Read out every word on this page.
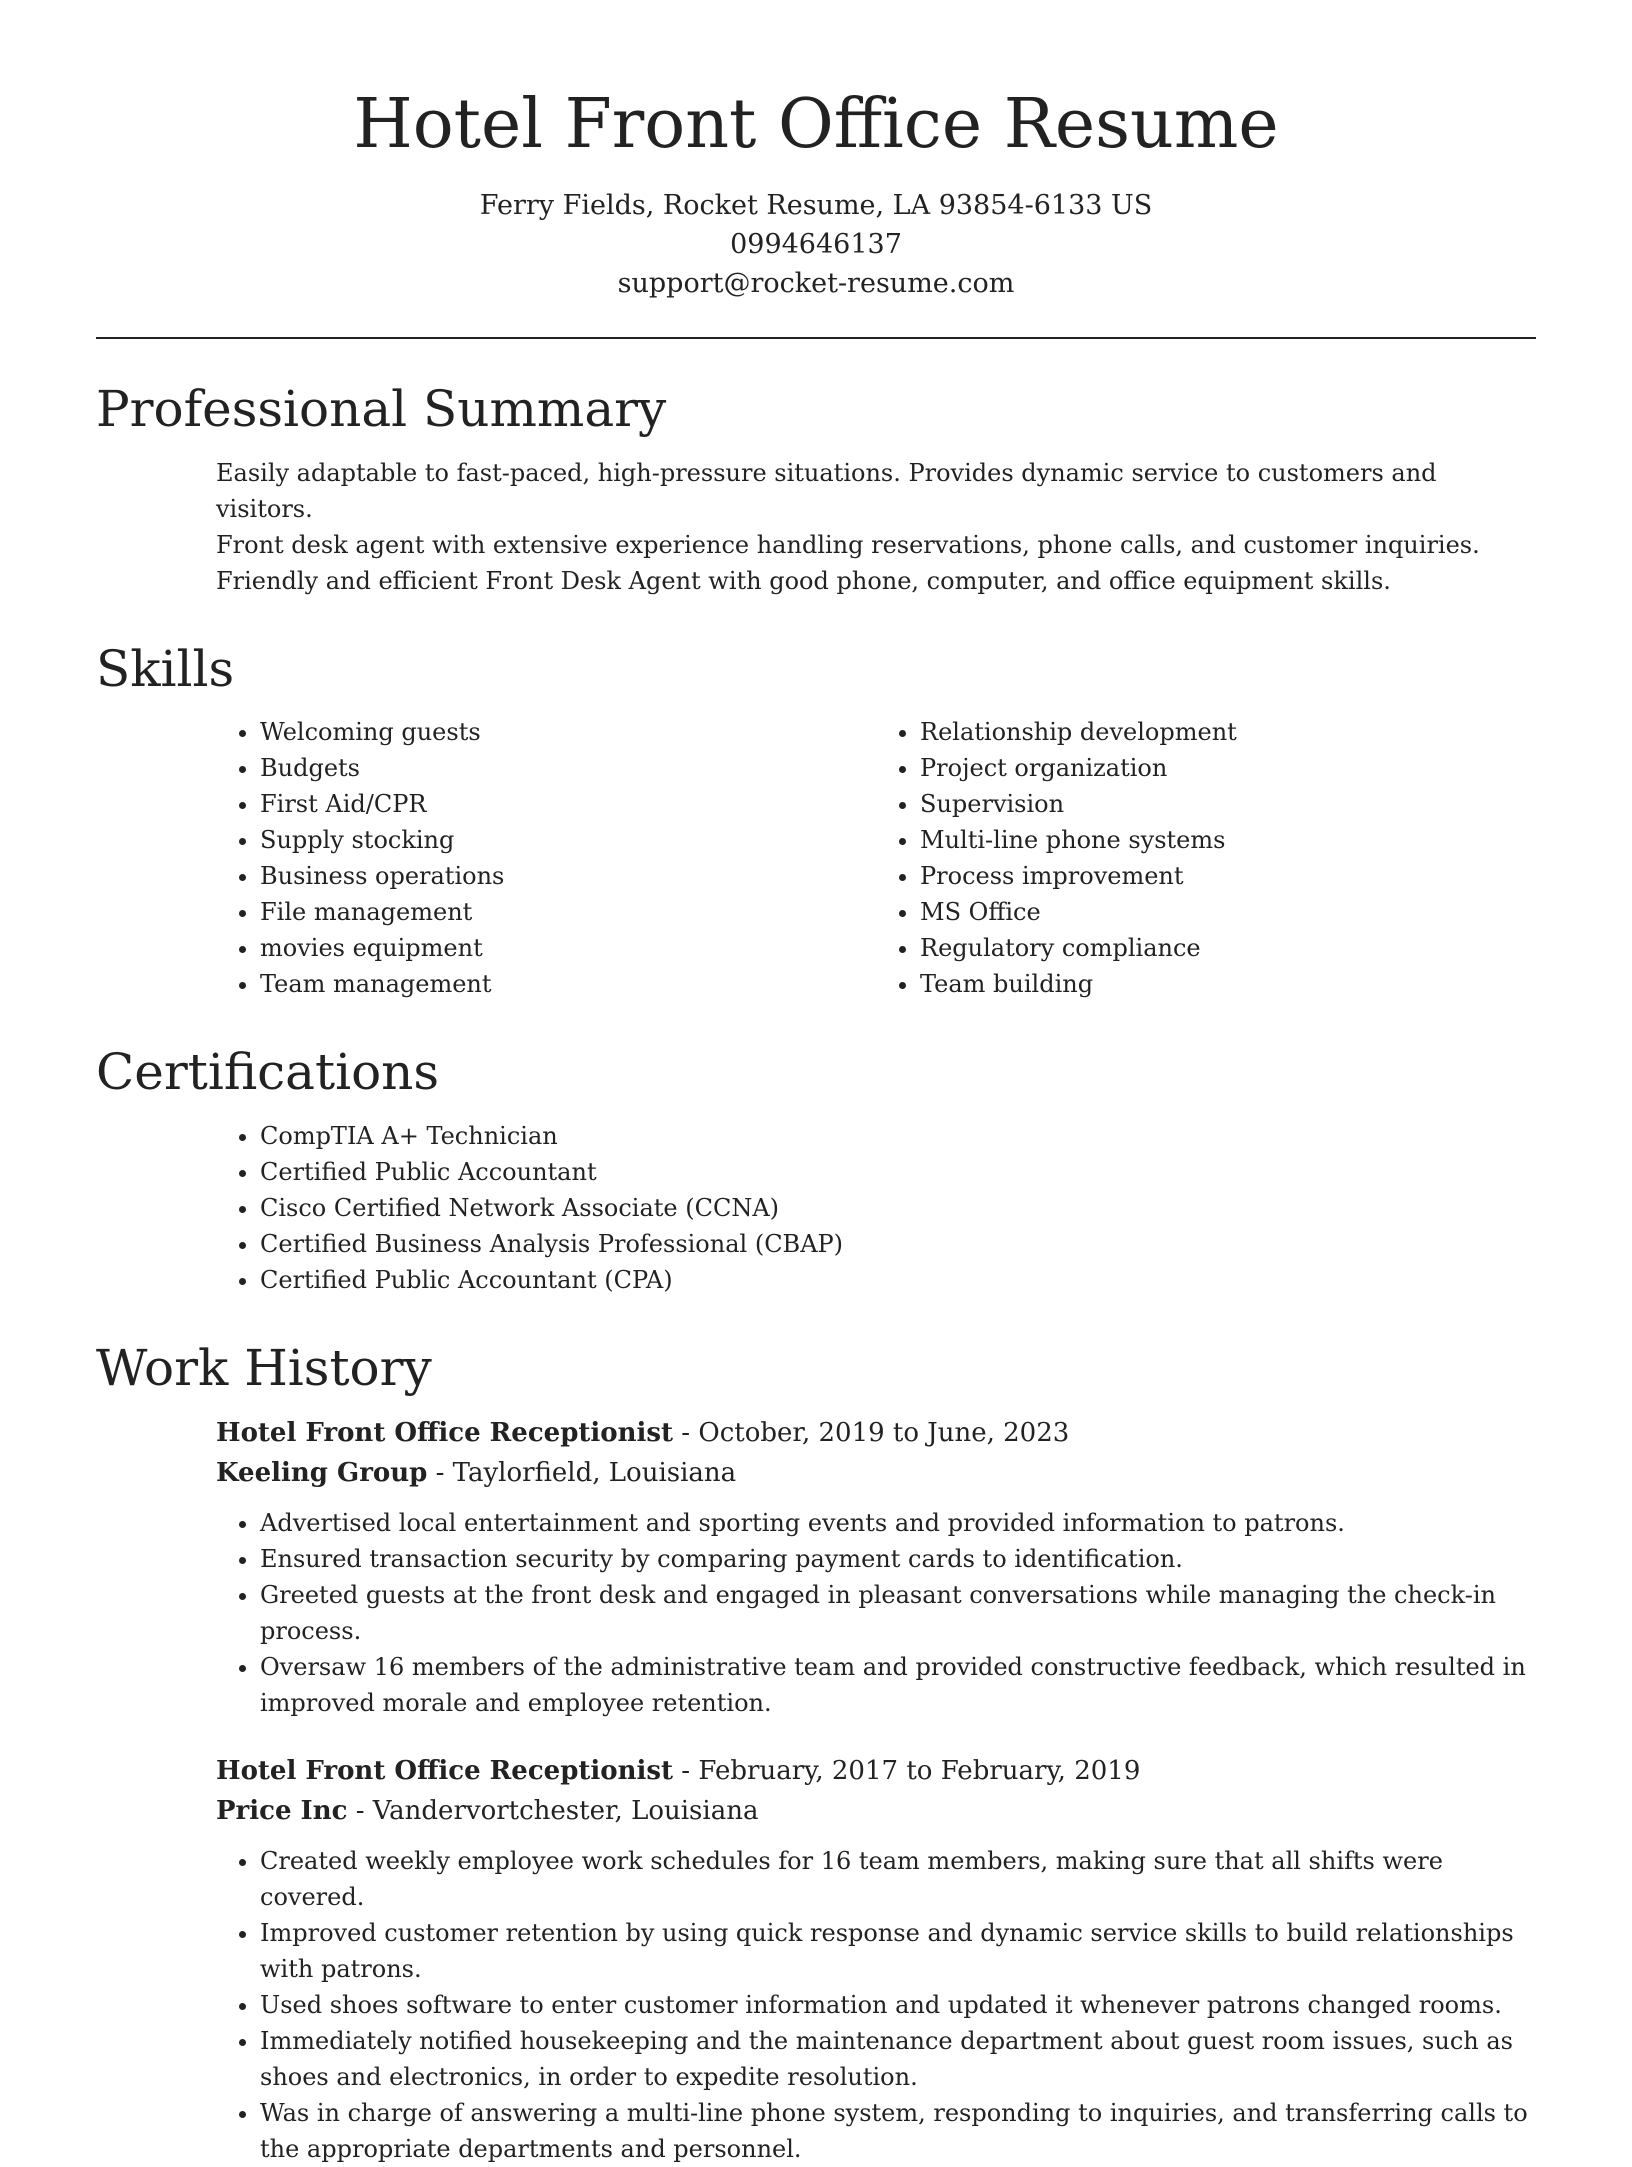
Hotel Front Office Resume

Ferry Fields, Rocket Resume, LA 93854-6133 US

0994646137

support@rocket-resume.com

Professional Summary

Easily adaptable to fast-paced, high-pressure situations. Provides dynamic service to customers and visitors.

Front desk agent with extensive experience handling reservations, phone calls, and customer inquiries.

Friendly and efficient Front Desk Agent with good phone, computer, and office equipment skills.

Skills
• Welcoming guests
• Budgets
• First Aid/CPR
• Supply stocking
• Business operations
• File management
• movies equipment
• Team management
• Relationship development
• Project organization
• Supervision
• Multi-line phone systems
• Process improvement
• MS Office
• Regulatory compliance
• Team building
Certifications
• CompTIA A+ Technician
• Certified Public Accountant
• Cisco Certified Network Associate (CCNA)
• Certified Business Analysis Professional (CBAP)
• Certified Public Accountant (CPA)
Work History

Hotel Front Office Receptionist - October, 2019 to June, 2023

Keeling Group - Taylorfield, Louisiana

• Advertised local entertainment and sporting events and provided information to patrons.
• Ensured transaction security by comparing payment cards to identification.
• Greeted guests at the front desk and engaged in pleasant conversations while managing the check-in process.
• Oversaw 16 members of the administrative team and provided constructive feedback, which resulted in improved morale and employee retention.

Hotel Front Office Receptionist - February, 2017 to February, 2019

Price Inc - Vandervortchester, Louisiana

• Created weekly employee work schedules for 16 team members, making sure that all shifts were covered.
• Improved customer retention by using quick response and dynamic service skills to build relationships with patrons.
• Used shoes software to enter customer information and updated it whenever patrons changed rooms.
• Immediately notified housekeeping and the maintenance department about guest room issues, such as shoes and electronics, in order to expedite resolution.
• Was in charge of answering a multi-line phone system, responding to inquiries, and transferring calls to the appropriate departments and personnel.
